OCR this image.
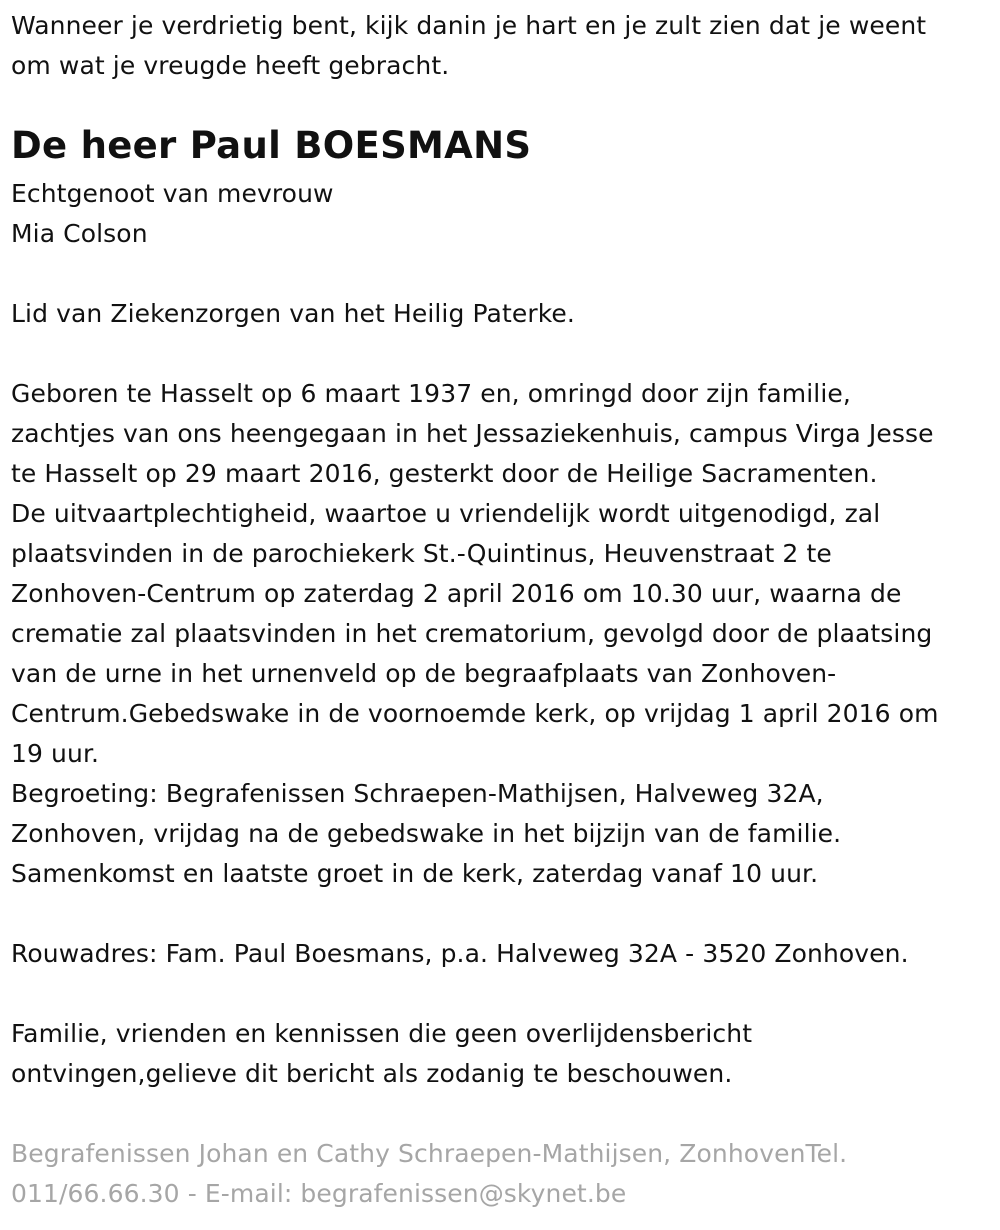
Wanneer je verdrietig bent, kijk danin je hart en je zult zien dat je weent
om wat je vreugde heeft gebracht.
De heer Paul BOESMANS
Echtgenoot van mevrouw
Mia Colson
Lid van Ziekenzorgen van het Heilig Paterke.
Geboren te Hasselt op 6 maart 1937 en, omringd door zijn familie,
zachtjes van ons heengegaan in het Jessaziekenhuis, campus Virga Jesse
te Hasselt op 29 maart 2016, gesterkt door de Heilige Sacramenten.
De uitvaartplechtigheid, waartoe u vriendelijk wordt uitgenodigd, zal
plaatsvinden in de parochiekerk St.-Quintinus, Heuvenstraat 2 te
Zonhoven-Centrum op zaterdag 2 april 2016 om 10.30 uur, waarna de
crematie zal plaatsvinden in het crematorium, gevolgd door de plaatsing
van de urne in het urnenveld op de begraafplaats van Zonhoven-
Centrum.Gebedswake in de voornoemde kerk, op vrijdag 1 april 2016 om
19 uur.
Begroeting: Begrafenissen Schraepen-Mathijsen, Halveweg 32A,
Zonhoven, vrijdag na de gebedswake in het bijzijn van de familie.
Samenkomst en laatste groet in de kerk, zaterdag vanaf 10 uur.
Rouwadres: Fam. Paul Boesmans, p.a. Halveweg 32A - 3520 Zonhoven.
Familie, vrienden en kennissen die geen overlijdensbericht
ontvingen,gelieve dit bericht als zodanig te beschouwen.
Begrafenissen Johan en Cathy Schraepen-Mathijsen, ZonhovenTel.
011/66.66.30 - E-mail: begrafenissen@skynet.be
